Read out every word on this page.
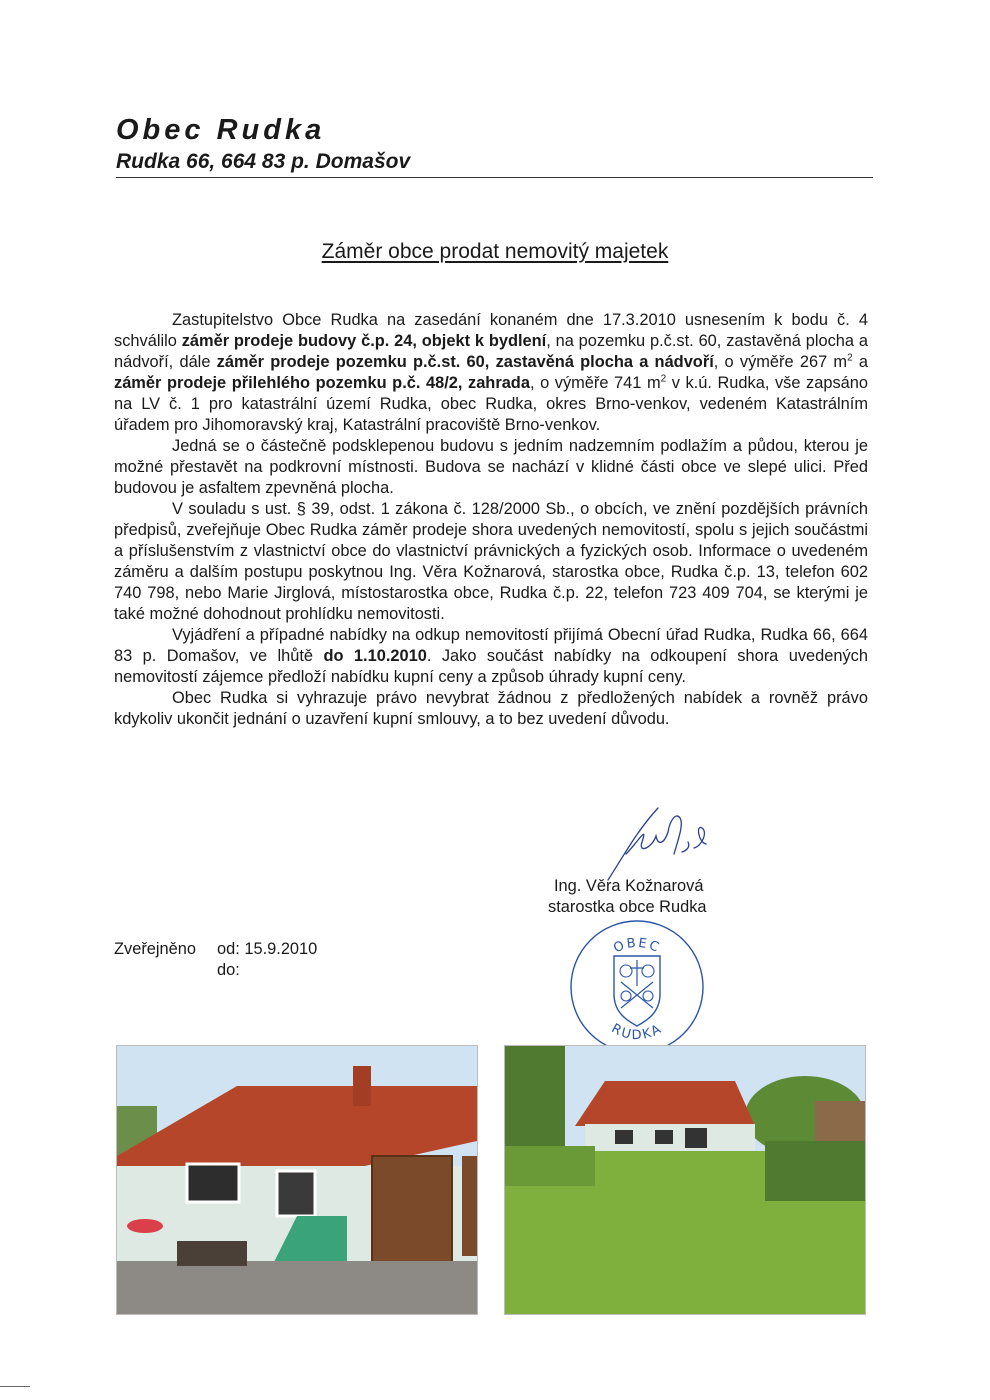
Obec Rudka

Rudka 66, 664 83 p. Domašov

Záměr obce prodat nemovitý majetek

Zastupitelstvo Obce Rudka na zasedání konaném dne 17.3.2010 usnesením k bodu č. 4 schválilo záměr prodeje budovy č.p. 24, objekt k bydlení, na pozemku p.č.st. 60, zastavěná plocha a nádvoří, dále záměr prodeje pozemku p.č.st. 60, zastavěná plocha a nádvoří, o výměře 267 $m^2$ a záměr prodeje přilehlého pozemku p.č. 48/2, zahrada, o výměře 741 $m^2$ v k.ú. Rudka, vše zapsáno na LV č. 1 pro katastrální území Rudka, obec Rudka, okres Brno-venkov, vedeném Katastrálním úřadem pro Jihomoravský kraj, Katastrální pracoviště Brno-venkov.

Jedná se o částečně podsklepenou budovu s jedním nadzemním podlažím a půdou, kterou je možné přestavět na podkrovní místnosti. Budova se nachází v klidné části obce ve slepé ulici. Před budovou je asfaltem zpevněná plocha.

V souladu s ust. § 39, odst. 1 zákona č. 128/2000 Sb., o obcích, ve znění pozdějších právních předpisů, zveřejňuje Obec Rudka záměr prodeje shora uvedených nemovitostí, spolu s jejich součástmi a příslušenstvím z vlastnictví obce do vlastnictví právnických a fyzických osob. Informace o uvedeném záměru a dalším postupu poskytnou Ing. Věra Kožnarová, starostka obce, Rudka č.p. 13, telefon 602 740 798, nebo Marie Jirglová, místostarostka obce, Rudka č.p. 22, telefon 723 409 704, se kterými je také možné dohodnout prohlídku nemovitosti.

Vyjádření a případné nabídky na odkup nemovitostí přijímá Obecní úřad Rudka, Rudka 66, 664 83 p. Domašov, ve lhůtě do 1.10.2010. Jako součást nabídky na odkoupení shora uvedených nemovitostí zájemce předloží nabídku kupní ceny a způsob úhrady kupní ceny.

Obec Rudka si vyhrazuje právo nevybrat žádnou z předložených nabídek a rovněž právo kdykoliv ukončit jednání o uzavření kupní smlouvy, a to bez uvedení důvodu.

Ing. Věra Kožnarová
starostka obce Rudka
OBEC
RUDKA
Zveřejněno	od:
15.9.2010
do:
